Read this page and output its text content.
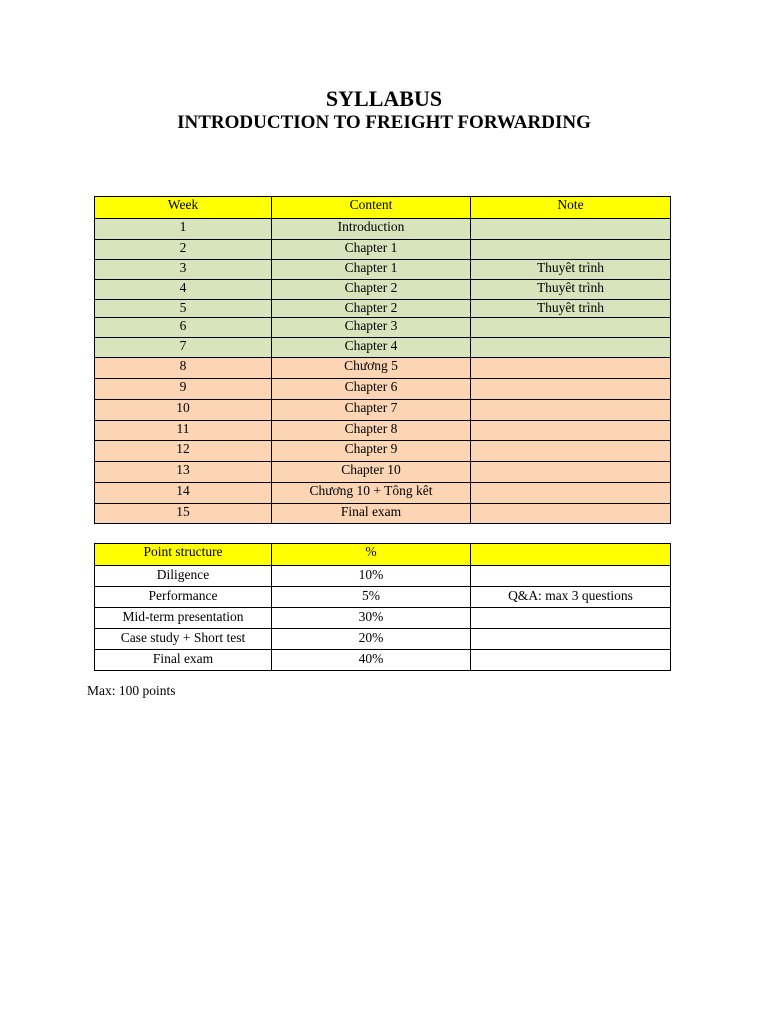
SYLLABUS
INTRODUCTION TO FREIGHT FORWARDING
Week	Content	Note
1	Introduction	
2	Chapter 1	
3	Chapter 1	Thuyêt trình
4	Chapter 2	Thuyêt trình
5	Chapter 2	Thuyêt trình
6	Chapter 3	
7	Chapter 4	
8	Chương 5	
9	Chapter 6	
10	Chapter 7	
11	Chapter 8	
12	Chapter 9	
13	Chapter 10	
14	Chương 10 + Tông kêt	
15	Final exam	
Point structure	%	
Diligence	10%	
Performance	5%	Q&A: max 3 questions
Mid-term presentation	30%	
Case study + Short test	20%	
Final exam	40%	
Max: 100 points
